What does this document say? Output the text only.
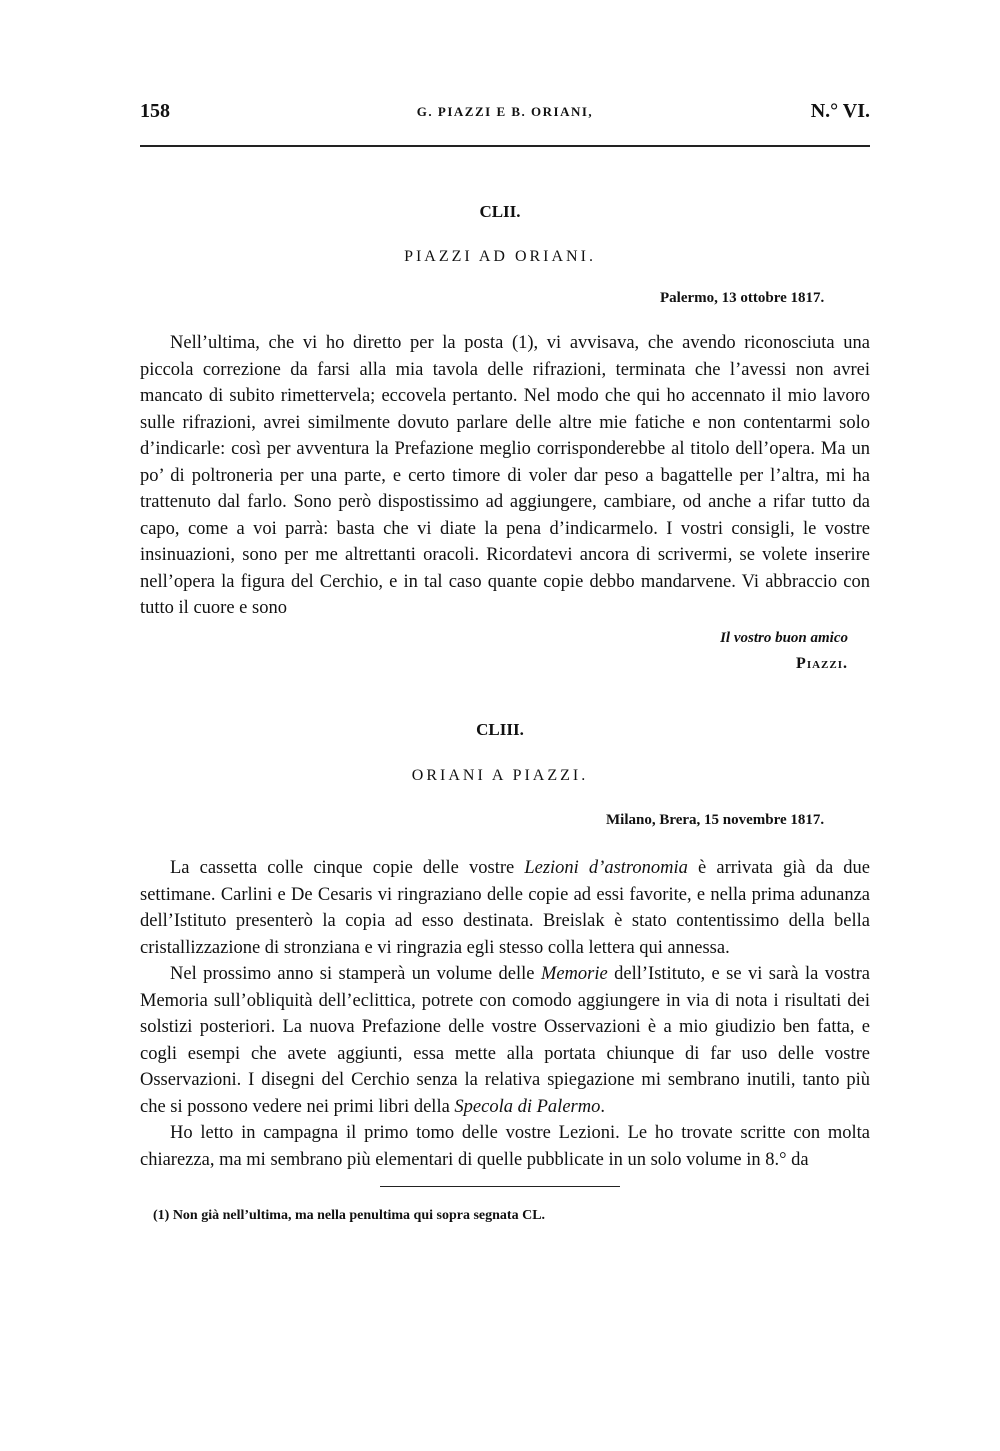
158	G. PIAZZI E B. ORIANI,	N.° VI.
CLII.
PIAZZI AD ORIANI.
Palermo, 13 ottobre 1817.

Nell’ultima, che vi ho diretto per la posta (1), vi avvisava, che avendo riconosciuta una piccola correzione da farsi alla mia tavola delle rifrazioni, terminata che l’avessi non avrei mancato di subito rimettervela; eccovela pertanto. Nel modo che qui ho accennato il mio lavoro sulle rifrazioni, avrei similmente dovuto parlare delle altre mie fatiche e non contentarmi solo d’indicarle: così per avventura la Prefazione meglio corrisponderebbe al titolo dell’opera. Ma un po’ di poltroneria per una parte, e certo timore di voler dar peso a bagattelle per l’altra, mi ha trattenuto dal farlo. Sono però dispostissimo ad aggiungere, cambiare, od anche a rifar tutto da capo, come a voi parrà: basta che vi diate la pena d’indicarmelo. I vostri consigli, le vostre insinuazioni, sono per me altrettanti oracoli. Ricordatevi ancora di scrivermi, se volete inserire nell’opera la figura del Cerchio, e in tal caso quante copie debbo mandarvene. Vi abbraccio con tutto il cuore e sono

Il vostro buon amico
Piazzi.
CLIII.
ORIANI A PIAZZI.
Milano, Brera, 15 novembre 1817.

La cassetta colle cinque copie delle vostre Lezioni d’astronomia è arrivata già da due settimane. Carlini e De Cesaris vi ringraziano delle copie ad essi favorite, e nella prima adunanza dell’Istituto presenterò la copia ad esso destinata. Breislak è stato contentissimo della bella cristallizzazione di stronziana e vi ringrazia egli stesso colla lettera qui annessa.

Nel prossimo anno si stamperà un volume delle Memorie dell’Istituto, e se vi sarà la vostra Memoria sull’obliquità dell’eclittica, potrete con comodo aggiungere in via di nota i risultati dei solstizi posteriori. La nuova Prefazione delle vostre Osservazioni è a mio giudizio ben fatta, e cogli esempi che avete aggiunti, essa mette alla portata chiunque di far uso delle vostre Osservazioni. I disegni del Cerchio senza la relativa spiegazione mi sembrano inutili, tanto più che si possono vedere nei primi libri della Specola di Palermo.

Ho letto in campagna il primo tomo delle vostre Lezioni. Le ho trovate scritte con molta chiarezza, ma mi sembrano più elementari di quelle pubblicate in un solo volume in 8.° da

(1) Non già nell’ultima, ma nella penultima qui sopra segnata CL.
